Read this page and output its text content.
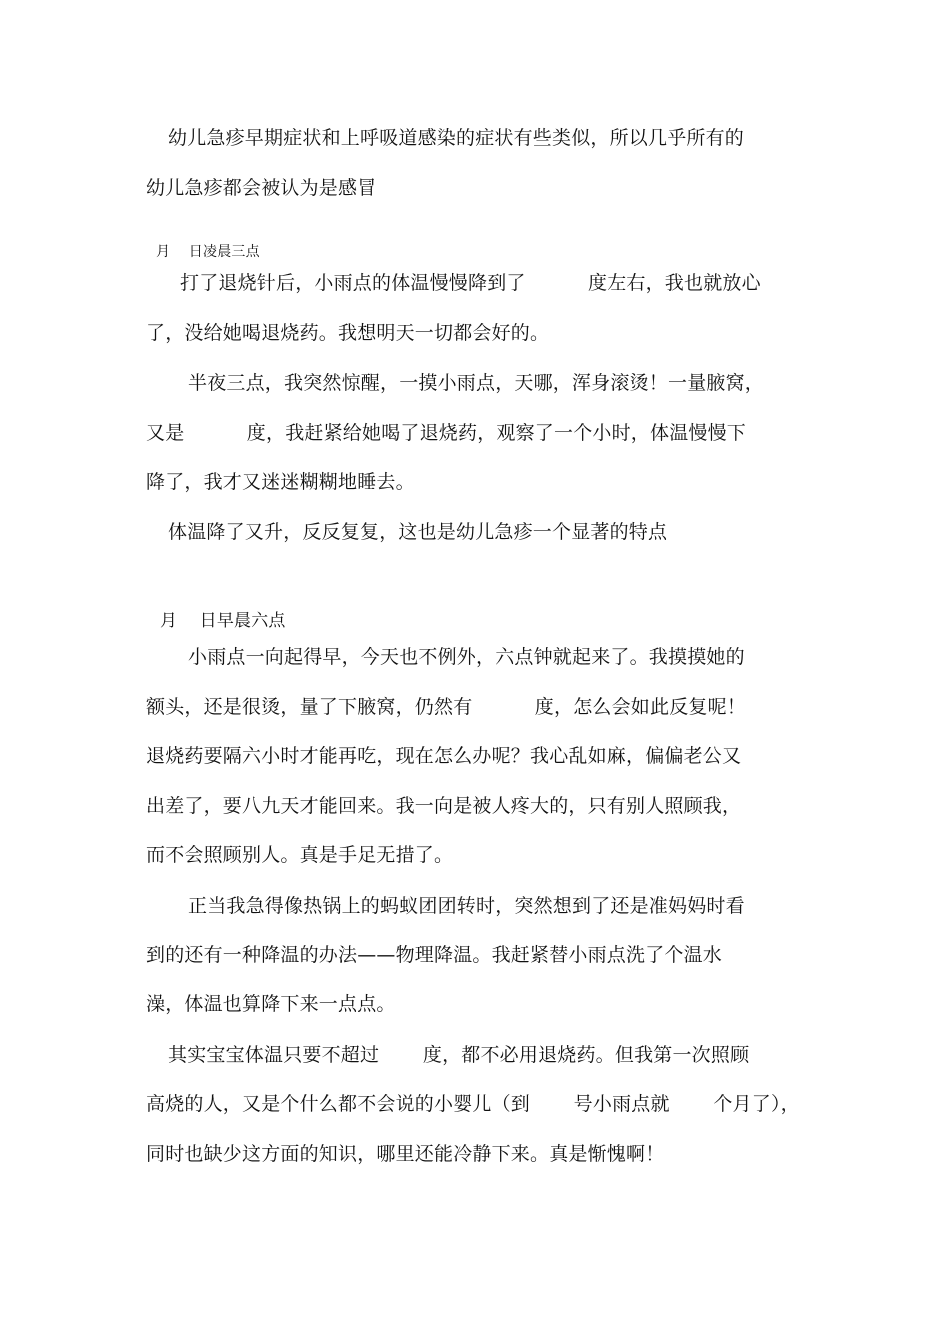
幼儿急疹早期症状和上呼吸道感染的症状有些类似，所以几乎所有的
幼儿急疹都会被认为是感冒
月    日凌晨三点
打了退烧针后，小雨点的体温慢慢降到了          度左右，我也就放心
了，没给她喝退烧药。我想明天一切都会好的。
半夜三点，我突然惊醒，一摸小雨点，天哪，浑身滚烫！一量腋窝，
又是          度，我赶紧给她喝了退烧药，观察了一个小时，体温慢慢下
降了，我才又迷迷糊糊地睡去。
体温降了又升，反反复复，这也是幼儿急疹一个显著的特点
月    日早晨六点
小雨点一向起得早，今天也不例外，六点钟就起来了。我摸摸她的
额头，还是很烫，量了下腋窝，仍然有          度，怎么会如此反复呢！
退烧药要隔六小时才能再吃，现在怎么办呢？我心乱如麻，偏偏老公又
出差了，要八九天才能回来。我一向是被人疼大的，只有别人照顾我，
而不会照顾别人。真是手足无措了。
正当我急得像热锅上的蚂蚁团团转时，突然想到了还是准妈妈时看
到的还有一种降温的办法——物理降温。我赶紧替小雨点洗了个温水
澡，体温也算降下来一点点。
其实宝宝体温只要不超过       度，都不必用退烧药。但我第一次照顾
高烧的人，又是个什么都不会说的小婴儿（到       号小雨点就       个月了），
同时也缺少这方面的知识，哪里还能冷静下来。真是惭愧啊！
